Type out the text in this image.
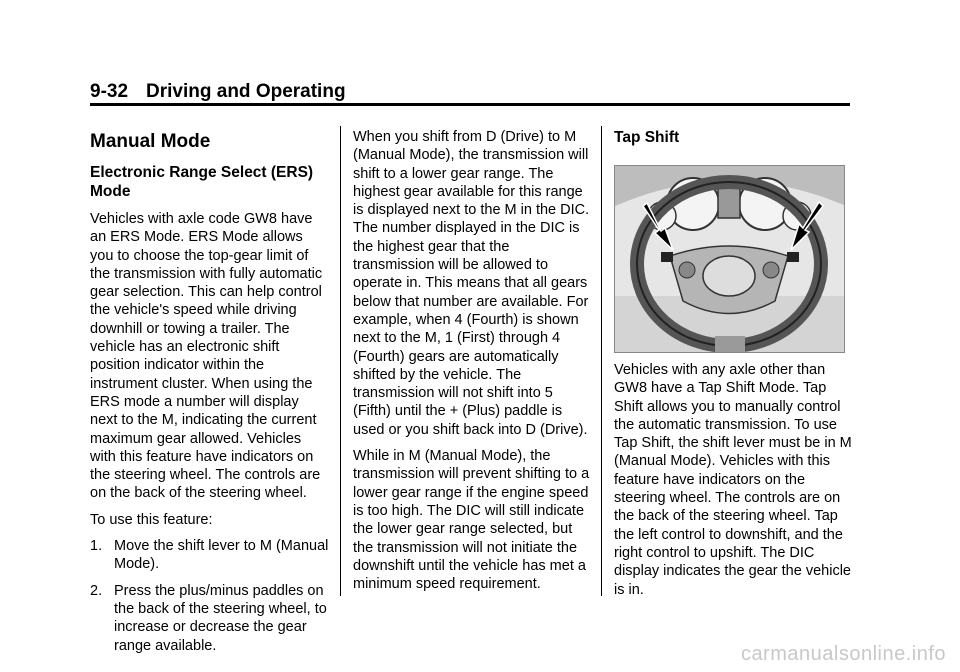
9-32 Driving and Operating
Manual Mode
Electronic Range Select (ERS) Mode

Vehicles with axle code GW8 have an ERS Mode. ERS Mode allows you to choose the top-gear limit of the transmission with fully automatic gear selection. This can help control the vehicle's speed while driving downhill or towing a trailer. The vehicle has an electronic shift position indicator within the instrument cluster. When using the ERS mode a number will display next to the M, indicating the current maximum gear allowed. Vehicles with this feature have indicators on the steering wheel. The controls are on the back of the steering wheel.

To use this feature:

1. Move the shift lever to M (Manual Mode).
2. Press the plus/minus paddles on the back of the steering wheel, to increase or decrease the gear range available.

When you shift from D (Drive) to M (Manual Mode), the transmission will shift to a lower gear range. The highest gear available for this range is displayed next to the M in the DIC. The number displayed in the DIC is the highest gear that the transmission will be allowed to operate in. This means that all gears below that number are available. For example, when 4 (Fourth) is shown next to the M, 1 (First) through 4 (Fourth) gears are automatically shifted by the vehicle. The transmission will not shift into 5 (Fifth) until the + (Plus) paddle is used or you shift back into D (Drive).

While in M (Manual Mode), the transmission will prevent shifting to a lower gear range if the engine speed is too high. The DIC will still indicate the lower gear range selected, but the transmission will not initiate the downshift until the vehicle has met a minimum speed requirement.

Tap Shift

Vehicles with any axle other than GW8 have a Tap Shift Mode. Tap Shift allows you to manually control the automatic transmission. To use Tap Shift, the shift lever must be in M (Manual Mode). Vehicles with this feature have indicators on the steering wheel. The controls are on the back of the steering wheel. Tap the left control to downshift, and the right control to upshift. The DIC display indicates the gear the vehicle is in.

carmanualsonline.info
